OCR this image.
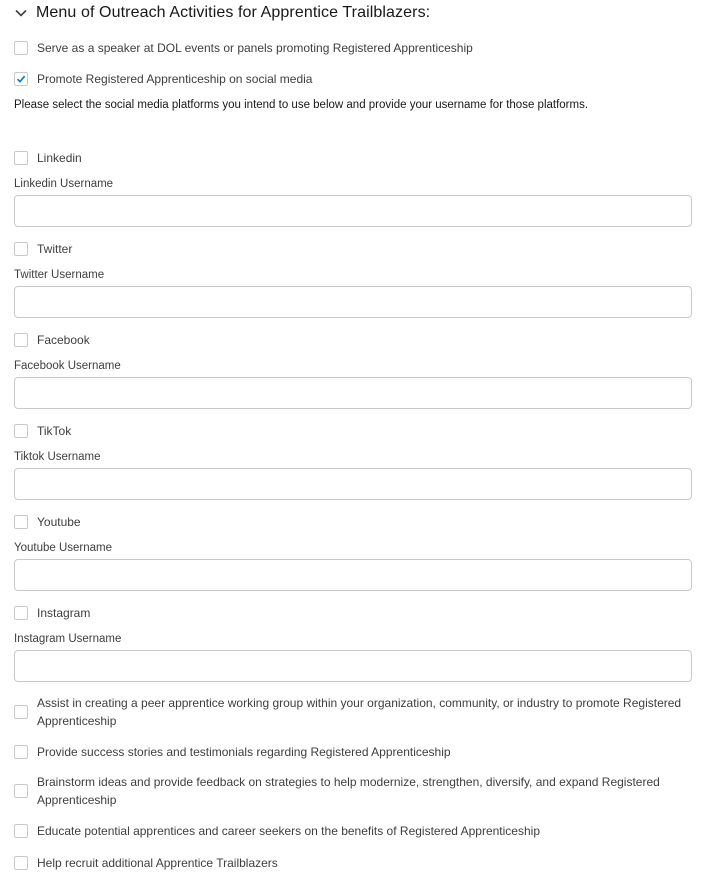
Menu of Outreach Activities for Apprentice Trailblazers:
Serve as a speaker at DOL events or panels promoting Registered Apprenticeship
Promote Registered Apprenticeship on social media
Please select the social media platforms you intend to use below and provide your username for those platforms.
Linkedin
Linkedin Username
Twitter
Twitter Username
Facebook
Facebook Username
TikTok
Tiktok Username
Youtube
Youtube Username
Instagram
Instagram Username
Assist in creating a peer apprentice working group within your organization, community, or industry to promote Registered Apprenticeship
Provide success stories and testimonials regarding Registered Apprenticeship
Brainstorm ideas and provide feedback on strategies to help modernize, strengthen, diversify, and expand Registered Apprenticeship
Educate potential apprentices and career seekers on the benefits of Registered Apprenticeship
Help recruit additional Apprentice Trailblazers
